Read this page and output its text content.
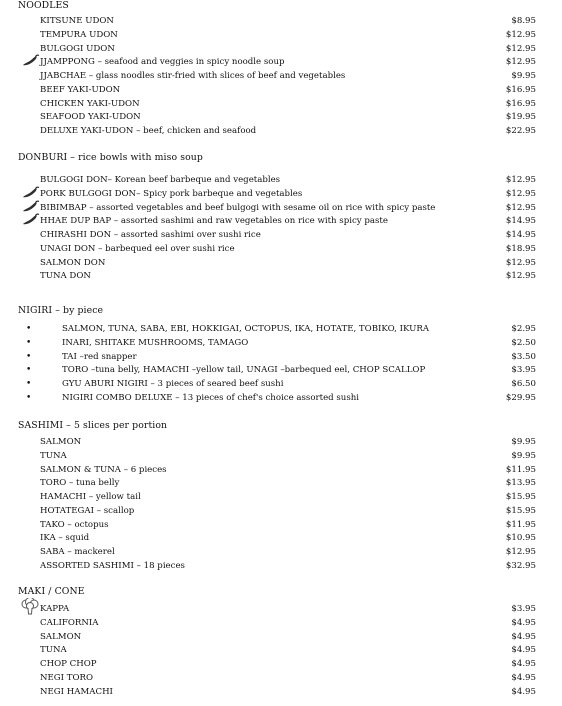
NOODLES
KITSUNE UDON	$8.95
TEMPURA UDON	$12.95
BULGOGI UDON	$12.95
JJAMPPONG – seafood and veggies in spicy noodle soup	$12.95
JJABCHAE – glass noodles stir-fried with slices of beef and vegetables	$9.95
BEEF YAKI-UDON	$16.95
CHICKEN YAKI-UDON	$16.95
SEAFOOD YAKI-UDON	$19.95
DELUXE YAKI-UDON – beef, chicken and seafood	$22.95
DONBURI – rice bowls with miso soup
BULGOGI DON– Korean beef barbeque and vegetables	$12.95
PORK BULGOGI DON– Spicy pork barbeque and vegetables	$12.95
BIBIMBAP – assorted vegetables and beef bulgogi with sesame oil on rice with spicy paste	$12.95
HHAE DUP BAP – assorted sashimi and raw vegetables on rice with spicy paste	$14.95
CHIRASHI DON – assorted sashimi over sushi rice	$14.95
UNAGI DON – barbequed eel over sushi rice	$18.95
SALMON DON	$12.95
TUNA DON	$12.95
NIGIRI – by piece
•	SALMON, TUNA, SABA, EBI, HOKKIGAI, OCTOPUS, IKA, HOTATE, TOBIKO, IKURA	$2.95
•	INARI, SHITAKE MUSHROOMS, TAMAGO	$2.50
•	TAI –red snapper	$3.50
•	TORO –tuna belly, HAMACHI –yellow tail, UNAGI –barbequed eel, CHOP SCALLOP	$3.95
•	GYU ABURI NIGIRI – 3 pieces of seared beef sushi	$6.50
•	NIGIRI COMBO DELUXE – 13 pieces of chef's choice assorted sushi	$29.95
SASHIMI – 5 slices per portion
SALMON	$9.95
TUNA	$9.95
SALMON & TUNA – 6 pieces	$11.95
TORO – tuna belly	$13.95
HAMACHI – yellow tail	$15.95
HOTATEGAI – scallop	$15.95
TAKO – octopus	$11.95
IKA – squid	$10.95
SABA – mackerel	$12.95
ASSORTED SASHIMI – 18 pieces	$32.95
MAKI / CONE
KAPPA	$3.95
CALIFORNIA	$4.95
SALMON	$4.95
TUNA	$4.95
CHOP CHOP	$4.95
NEGI TORO	$4.95
NEGI HAMACHI	$4.95
